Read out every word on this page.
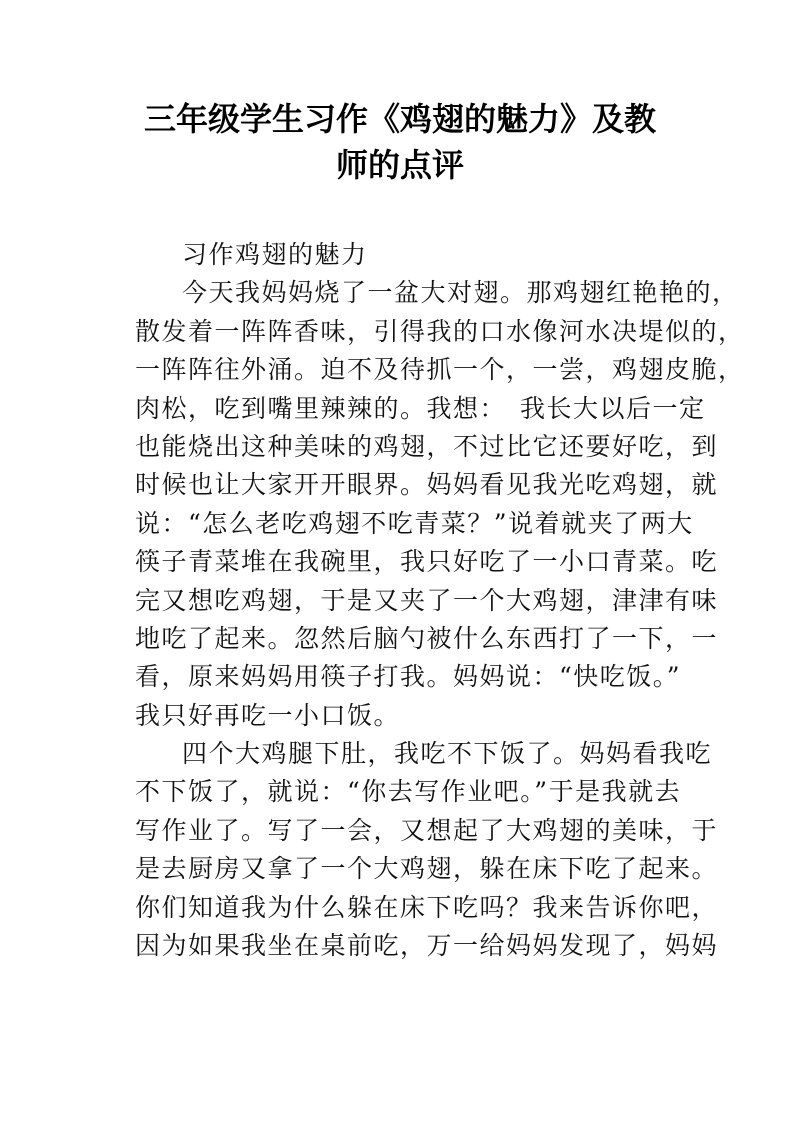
三年级学生习作《鸡翅的魅力》及教
师的点评
习作鸡翅的魅力
今天我妈妈烧了一盆大对翅。那鸡翅红艳艳的，
散发着一阵阵香味，引得我的口水像河水决堤似的，
一阵阵往外涌。迫不及待抓一个，一尝，鸡翅皮脆，
肉松，吃到嘴里辣辣的。我想：　我长大以后一定
也能烧出这种美味的鸡翅，不过比它还要好吃，到
时候也让大家开开眼界。妈妈看见我光吃鸡翅，就
说：“怎么老吃鸡翅不吃青菜？”说着就夹了两大
筷子青菜堆在我碗里，我只好吃了一小口青菜。吃
完又想吃鸡翅，于是又夹了一个大鸡翅，津津有味
地吃了起来。忽然后脑勺被什么东西打了一下，一
看，原来妈妈用筷子打我。妈妈说：“快吃饭。”
我只好再吃一小口饭。
四个大鸡腿下肚，我吃不下饭了。妈妈看我吃
不下饭了，就说：“你去写作业吧。”于是我就去
写作业了。写了一会，又想起了大鸡翅的美味，于
是去厨房又拿了一个大鸡翅，躲在床下吃了起来。
你们知道我为什么躲在床下吃吗？我来告诉你吧，
因为如果我坐在桌前吃，万一给妈妈发现了，妈妈
